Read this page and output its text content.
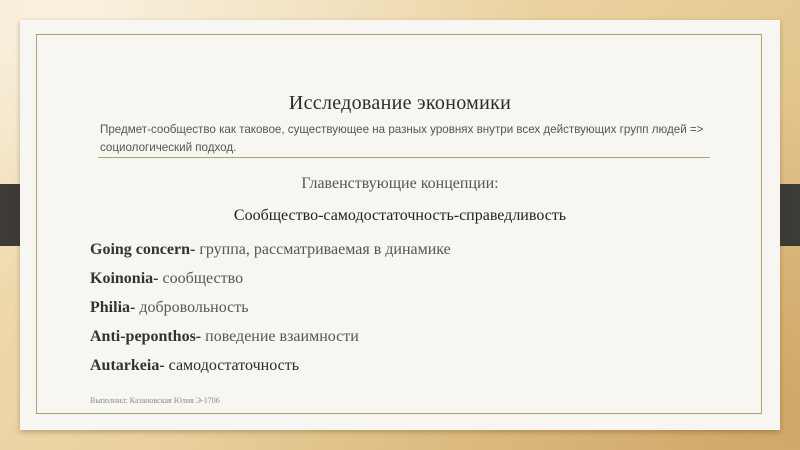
Исследование экономики
Предмет-сообщество как таковое, существующее на разных уровнях внутри всех действующих групп людей => социологический подход.
Главенствующие концепции:
Сообщество-самодостаточность-справедливость
Going concern- группа, рассматриваемая в динамике
Koinonia- сообщество
Philia- добровольность
Anti-peponthos- поведение взаимности
Autarkeia- самодостаточность
Выполнил: Казановская Юлия Э-1706
